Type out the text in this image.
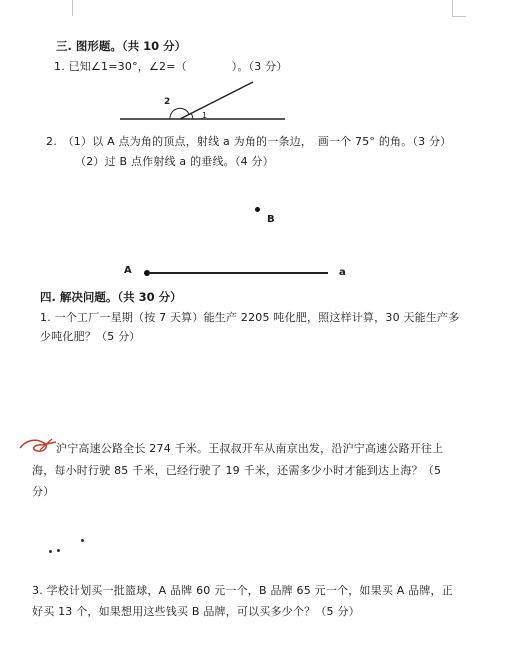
三. 图形题。（共 10 分）
1. 已知∠1=30°，∠2=（　　　　）。（3 分）
2
1
2.　（1）以 A 点为角的顶点，射线 a 为角的一条边，　画一个 75° 的角。（3 分）
（2）过 B 点作射线 a 的垂线。（4 分）
B
A	a
四. 解决问题。（共 30 分）
1. 一个工厂一星期（按 7 天算）能生产 2205 吨化肥，照这样计算，30 天能生产多
少吨化肥？（5 分）
沪宁高速公路全长 274 千米。王叔叔开车从南京出发，沿沪宁高速公路开往上
海，每小时行驶 85 千米，已经行驶了 19 千米，还需多少小时才能到达上海？（5
分）
3. 学校计划买一批篮球，A 品牌 60 元一个，B 品牌 65 元一个，如果买 A 品牌，正
好买 13 个，如果想用这些钱买 B 品牌，可以买多少个？（5 分）
